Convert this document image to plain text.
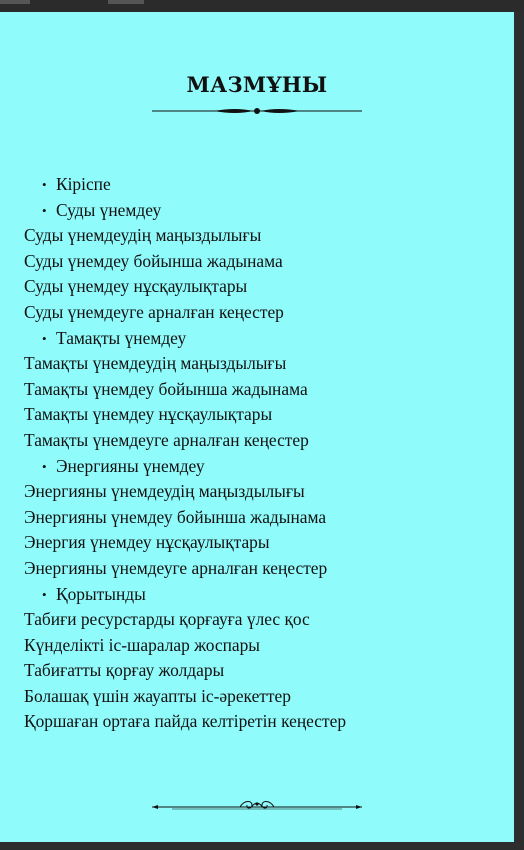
МАЗМҰНЫ
• Кіріспе
• Суды үнемдеу
Суды үнемдеудің маңыздылығы
Суды үнемдеу бойынша жадынама
Суды үнемдеу нұсқаулықтары
Суды үнемдеуге арналған кеңестер
• Тамақты үнемдеу
Тамақты үнемдеудің маңыздылығы
Тамақты үнемдеу бойынша жадынама
Тамақты үнемдеу нұсқаулықтары
Тамақты үнемдеуге арналған кеңестер
• Энергияны үнемдеу
Энергияны үнемдеудің маңыздылығы
Энергияны үнемдеу бойынша жадынама
Энергия үнемдеу нұсқаулықтары
Энергияны үнемдеуге арналған кеңестер
• Қорытынды
Табиғи ресурстарды қорғауға үлес қос
Күнделікті іс-шаралар жоспары
Табиғатты қорғау жолдары
Болашақ үшін жауапты іс-әрекеттер
Қоршаған ортаға пайда келтіретін кеңестер
